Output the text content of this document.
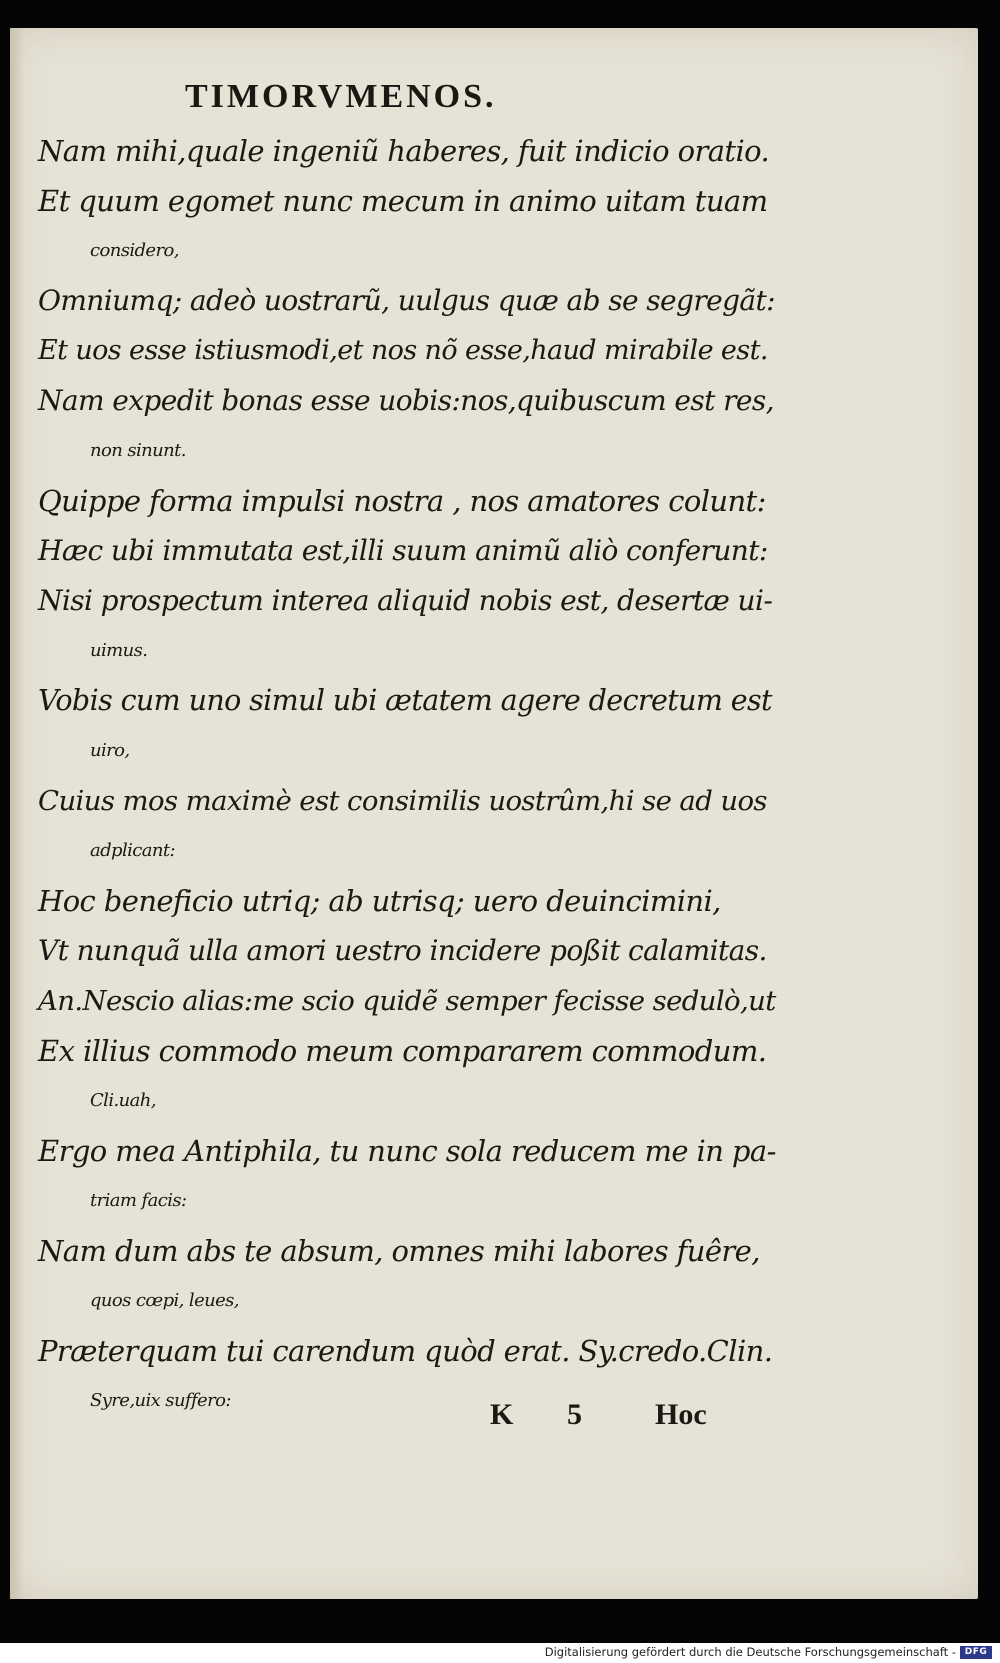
TIMORVMENOS.
Nam mihi,quale ingeniũ haberes, fuit indicio oratio.
Et quum egomet nunc mecum in animo uitam tuam
considero,
Omniumq; adeò uostrarũ, uulgus quæ ab se segregãt:
Et uos esse istiusmodi,et nos nõ esse,haud mirabile est.
Nam expedit bonas esse uobis:nos,quibuscum est res,
non sinunt.
Quippe forma impulsi nostra , nos amatores colunt:
Hæc ubi immutata est,illi suum animũ aliò conferunt:
Nisi prospectum interea aliquid nobis est, desertæ ui-
uimus.
Vobis cum uno simul ubi ætatem agere decretum est
uiro,
Cuius mos maximè est consimilis uostrûm,hi se ad uos
adplicant:
Hoc beneficio utriq; ab utrisq; uero deuincimini,
Vt nunquã ulla amori uestro incidere poßit calamitas.
An.Nescio alias:me scio quidẽ semper fecisse sedulò,ut
Ex illius commodo meum compararem commodum.
Cli.uah,
Ergo mea Antiphila, tu nunc sola reducem me in pa-
triam facis:
Nam dum abs te absum, omnes mihi labores fuêre,
quos cœpi, leues,
Præterquam tui carendum quòd erat. Sy.credo.Clin.
Syre,uix suffero:	K 5 Hoc
Digitalisierung gefördert durch die Deutsche Forschungsgemeinschaft - DFG
